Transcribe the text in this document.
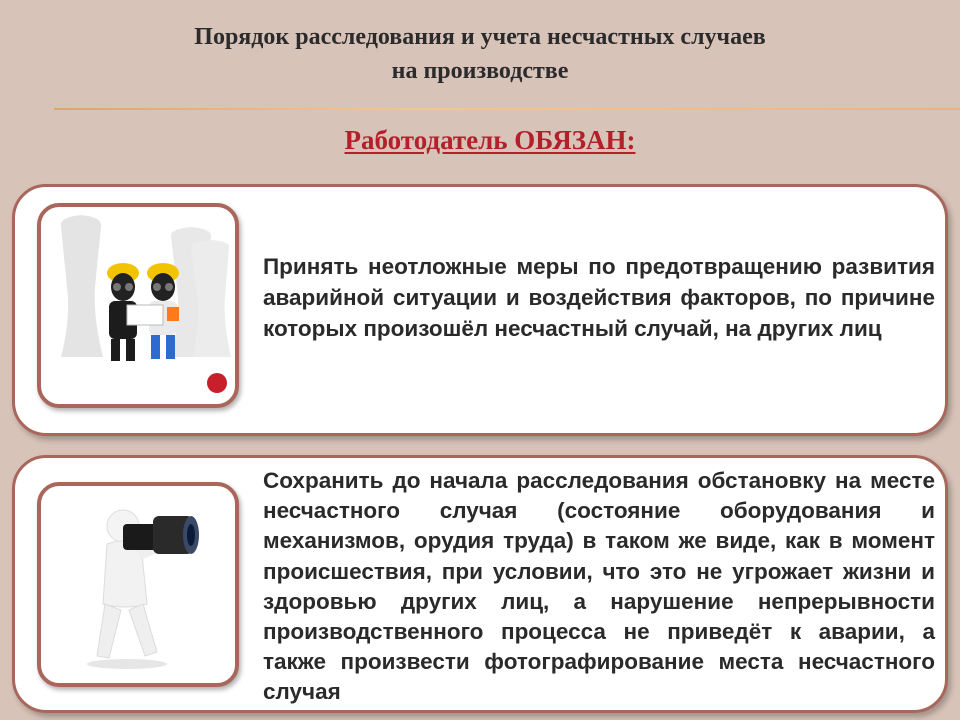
Порядок расследования и учета несчастных случаев
на производстве
Работодатель ОБЯЗАН:

Принять неотложные меры по предотвращению развития аварийной ситуации и воздействия факторов, по причине которых произошёл несчастный случай, на других лиц

Сохранить до начала расследования обстановку на месте несчастного случая (состояние оборудования и механизмов, орудия труда) в таком же виде, как в момент происшествия, при условии, что это не угрожает жизни и здоровью других лиц, а нарушение непрерывности производственного процесса не приведёт к аварии, а также произвести фотографирование места несчастного случая
